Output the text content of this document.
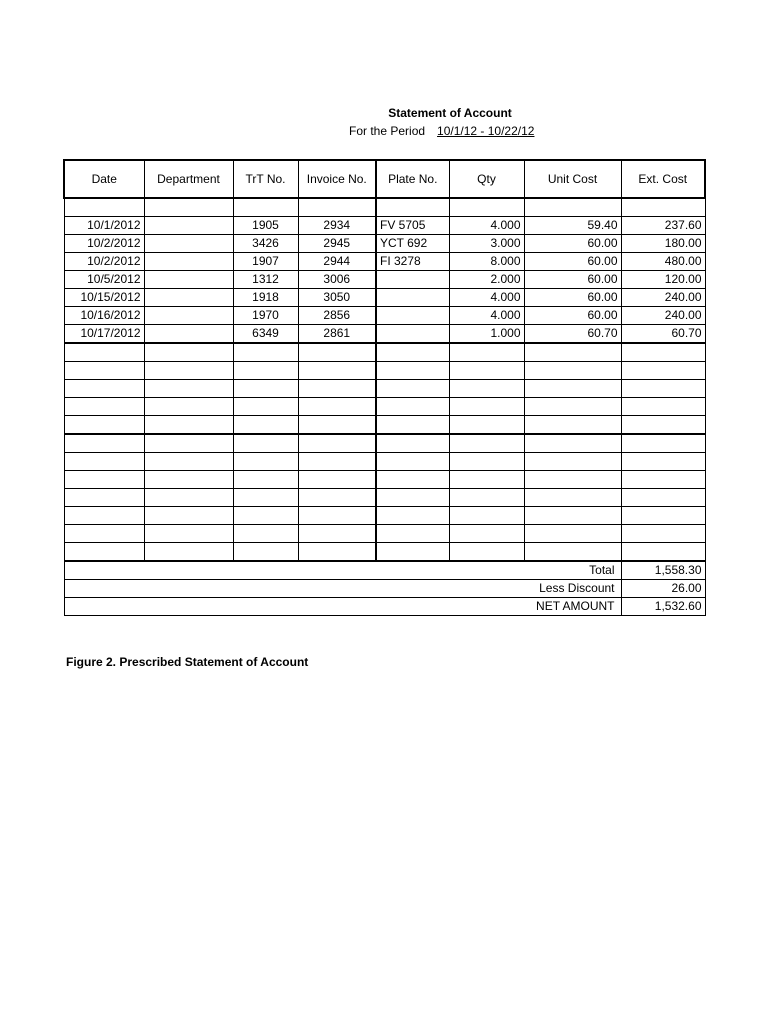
Statement of Account
For the Period 10/1/12 - 10/22/12
Date	Department	TrT No.	Invoice No.	Plate No.	Qty	Unit Cost	Ext. Cost

10/1/2012		1905	2934	FV 5705	4.000	59.40	237.60
10/2/2012		3426	2945	YCT 692	3.000	60.00	180.00
10/2/2012		1907	2944	FI 3278	8.000	60.00	480.00
10/5/2012		1312	3006		2.000	60.00	120.00
10/15/2012		1918	3050		4.000	60.00	240.00
10/16/2012		1970	2856		4.000	60.00	240.00
10/17/2012		6349	2861		1.000	60.70	60.70

Total							1,558.30
Less Discount							26.00
NET AMOUNT							1,532.60
Figure 2. Prescribed Statement of Account
